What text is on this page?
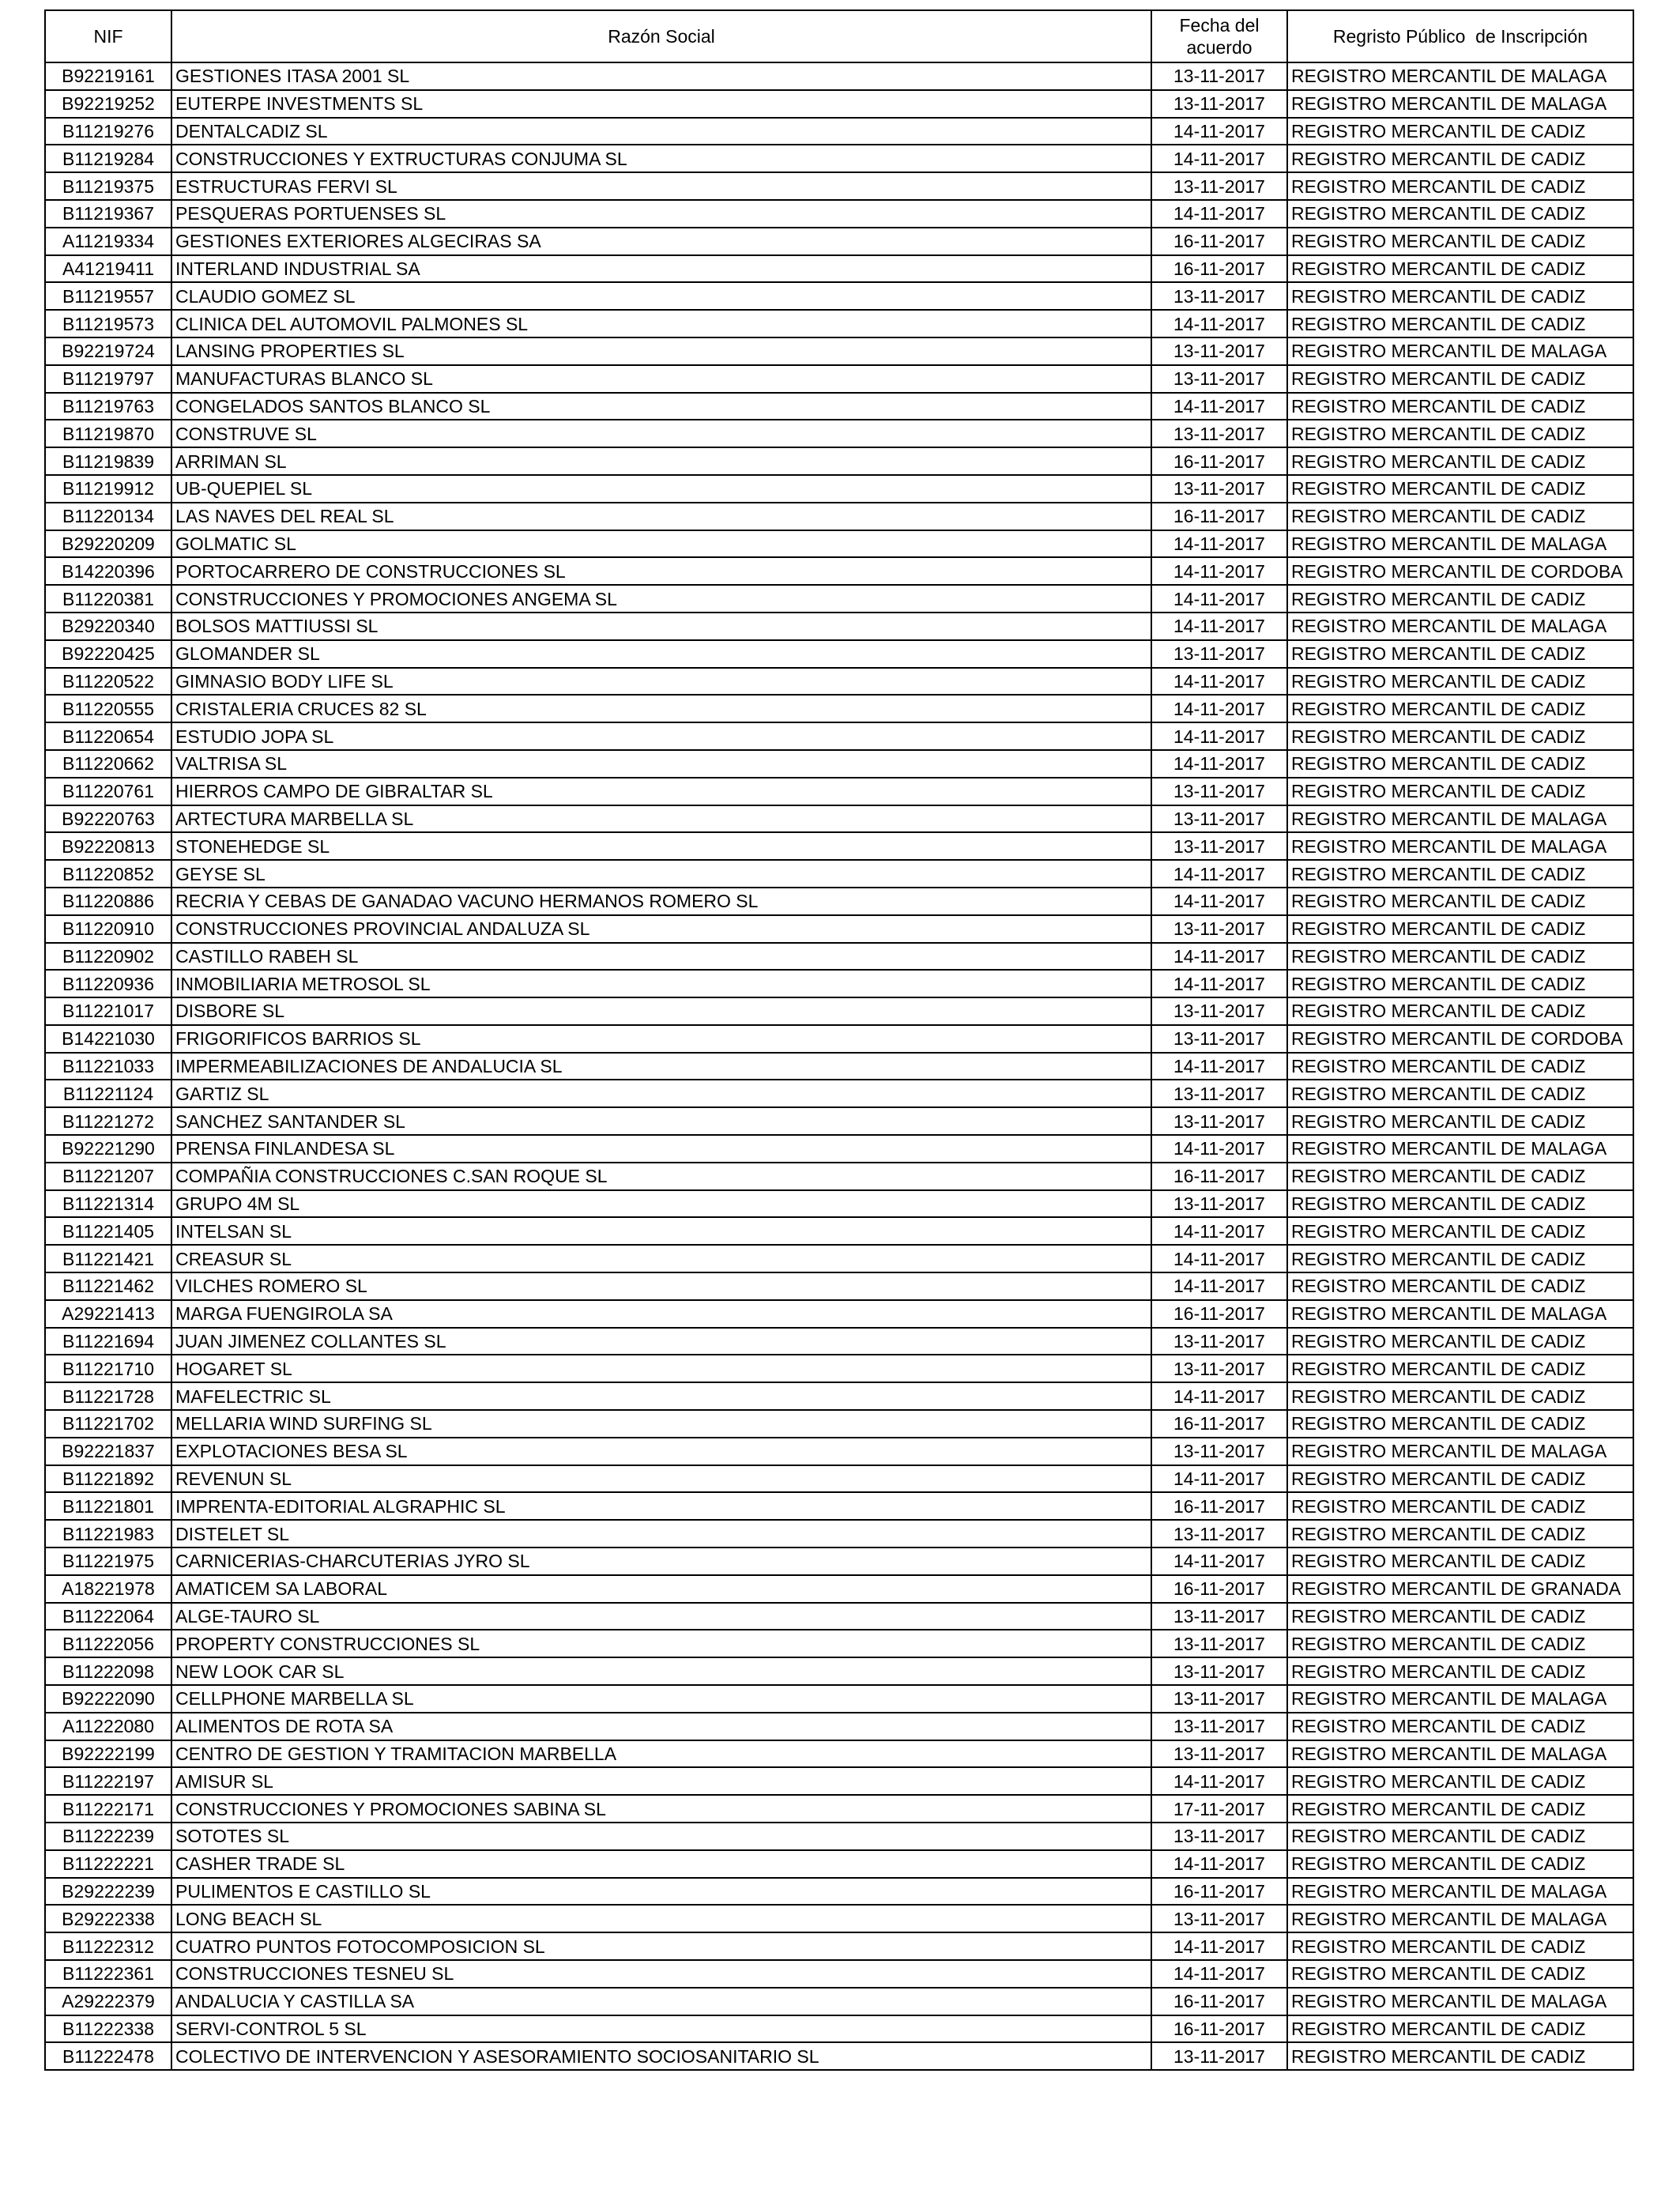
NIF	Razón Social	Fecha del acuerdo	Regristo Público  de Inscripción
B92219161	GESTIONES ITASA 2001 SL	13-11-2017	REGISTRO MERCANTIL DE MALAGA
B92219252	EUTERPE INVESTMENTS SL	13-11-2017	REGISTRO MERCANTIL DE MALAGA
B11219276	DENTALCADIZ SL	14-11-2017	REGISTRO MERCANTIL DE CADIZ
B11219284	CONSTRUCCIONES Y EXTRUCTURAS CONJUMA SL	14-11-2017	REGISTRO MERCANTIL DE CADIZ
B11219375	ESTRUCTURAS FERVI SL	13-11-2017	REGISTRO MERCANTIL DE CADIZ
B11219367	PESQUERAS PORTUENSES SL	14-11-2017	REGISTRO MERCANTIL DE CADIZ
A11219334	GESTIONES EXTERIORES ALGECIRAS SA	16-11-2017	REGISTRO MERCANTIL DE CADIZ
A41219411	INTERLAND INDUSTRIAL SA	16-11-2017	REGISTRO MERCANTIL DE CADIZ
B11219557	CLAUDIO GOMEZ SL	13-11-2017	REGISTRO MERCANTIL DE CADIZ
B11219573	CLINICA DEL AUTOMOVIL PALMONES SL	14-11-2017	REGISTRO MERCANTIL DE CADIZ
B92219724	LANSING PROPERTIES SL	13-11-2017	REGISTRO MERCANTIL DE MALAGA
B11219797	MANUFACTURAS BLANCO SL	13-11-2017	REGISTRO MERCANTIL DE CADIZ
B11219763	CONGELADOS SANTOS BLANCO SL	14-11-2017	REGISTRO MERCANTIL DE CADIZ
B11219870	CONSTRUVE SL	13-11-2017	REGISTRO MERCANTIL DE CADIZ
B11219839	ARRIMAN SL	16-11-2017	REGISTRO MERCANTIL DE CADIZ
B11219912	UB-QUEPIEL SL	13-11-2017	REGISTRO MERCANTIL DE CADIZ
B11220134	LAS NAVES DEL REAL SL	16-11-2017	REGISTRO MERCANTIL DE CADIZ
B29220209	GOLMATIC SL	14-11-2017	REGISTRO MERCANTIL DE MALAGA
B14220396	PORTOCARRERO DE CONSTRUCCIONES SL	14-11-2017	REGISTRO MERCANTIL DE CORDOBA
B11220381	CONSTRUCCIONES Y PROMOCIONES ANGEMA SL	14-11-2017	REGISTRO MERCANTIL DE CADIZ
B29220340	BOLSOS MATTIUSSI SL	14-11-2017	REGISTRO MERCANTIL DE MALAGA
B92220425	GLOMANDER SL	13-11-2017	REGISTRO MERCANTIL DE CADIZ
B11220522	GIMNASIO BODY LIFE SL	14-11-2017	REGISTRO MERCANTIL DE CADIZ
B11220555	CRISTALERIA CRUCES 82 SL	14-11-2017	REGISTRO MERCANTIL DE CADIZ
B11220654	ESTUDIO JOPA SL	14-11-2017	REGISTRO MERCANTIL DE CADIZ
B11220662	VALTRISA SL	14-11-2017	REGISTRO MERCANTIL DE CADIZ
B11220761	HIERROS CAMPO DE GIBRALTAR SL	13-11-2017	REGISTRO MERCANTIL DE CADIZ
B92220763	ARTECTURA MARBELLA SL	13-11-2017	REGISTRO MERCANTIL DE MALAGA
B92220813	STONEHEDGE SL	13-11-2017	REGISTRO MERCANTIL DE MALAGA
B11220852	GEYSE SL	14-11-2017	REGISTRO MERCANTIL DE CADIZ
B11220886	RECRIA Y CEBAS DE GANADAO VACUNO HERMANOS ROMERO SL	14-11-2017	REGISTRO MERCANTIL DE CADIZ
B11220910	CONSTRUCCIONES PROVINCIAL ANDALUZA SL	13-11-2017	REGISTRO MERCANTIL DE CADIZ
B11220902	CASTILLO RABEH SL	14-11-2017	REGISTRO MERCANTIL DE CADIZ
B11220936	INMOBILIARIA METROSOL SL	14-11-2017	REGISTRO MERCANTIL DE CADIZ
B11221017	DISBORE SL	13-11-2017	REGISTRO MERCANTIL DE CADIZ
B14221030	FRIGORIFICOS BARRIOS SL	13-11-2017	REGISTRO MERCANTIL DE CORDOBA
B11221033	IMPERMEABILIZACIONES DE ANDALUCIA SL	14-11-2017	REGISTRO MERCANTIL DE CADIZ
B11221124	GARTIZ SL	13-11-2017	REGISTRO MERCANTIL DE CADIZ
B11221272	SANCHEZ SANTANDER SL	13-11-2017	REGISTRO MERCANTIL DE CADIZ
B92221290	PRENSA FINLANDESA SL	14-11-2017	REGISTRO MERCANTIL DE MALAGA
B11221207	COMPAÑIA CONSTRUCCIONES C.SAN ROQUE SL	16-11-2017	REGISTRO MERCANTIL DE CADIZ
B11221314	GRUPO 4M SL	13-11-2017	REGISTRO MERCANTIL DE CADIZ
B11221405	INTELSAN SL	14-11-2017	REGISTRO MERCANTIL DE CADIZ
B11221421	CREASUR SL	14-11-2017	REGISTRO MERCANTIL DE CADIZ
B11221462	VILCHES ROMERO SL	14-11-2017	REGISTRO MERCANTIL DE CADIZ
A29221413	MARGA FUENGIROLA SA	16-11-2017	REGISTRO MERCANTIL DE MALAGA
B11221694	JUAN JIMENEZ COLLANTES SL	13-11-2017	REGISTRO MERCANTIL DE CADIZ
B11221710	HOGARET SL	13-11-2017	REGISTRO MERCANTIL DE CADIZ
B11221728	MAFELECTRIC SL	14-11-2017	REGISTRO MERCANTIL DE CADIZ
B11221702	MELLARIA WIND SURFING SL	16-11-2017	REGISTRO MERCANTIL DE CADIZ
B92221837	EXPLOTACIONES BESA SL	13-11-2017	REGISTRO MERCANTIL DE MALAGA
B11221892	REVENUN SL	14-11-2017	REGISTRO MERCANTIL DE CADIZ
B11221801	IMPRENTA-EDITORIAL ALGRAPHIC SL	16-11-2017	REGISTRO MERCANTIL DE CADIZ
B11221983	DISTELET SL	13-11-2017	REGISTRO MERCANTIL DE CADIZ
B11221975	CARNICERIAS-CHARCUTERIAS JYRO SL	14-11-2017	REGISTRO MERCANTIL DE CADIZ
A18221978	AMATICEM SA LABORAL	16-11-2017	REGISTRO MERCANTIL DE GRANADA
B11222064	ALGE-TAURO SL	13-11-2017	REGISTRO MERCANTIL DE CADIZ
B11222056	PROPERTY CONSTRUCCIONES SL	13-11-2017	REGISTRO MERCANTIL DE CADIZ
B11222098	NEW LOOK CAR SL	13-11-2017	REGISTRO MERCANTIL DE CADIZ
B92222090	CELLPHONE MARBELLA SL	13-11-2017	REGISTRO MERCANTIL DE MALAGA
A11222080	ALIMENTOS DE ROTA SA	13-11-2017	REGISTRO MERCANTIL DE CADIZ
B92222199	CENTRO DE GESTION Y TRAMITACION MARBELLA	13-11-2017	REGISTRO MERCANTIL DE MALAGA
B11222197	AMISUR SL	14-11-2017	REGISTRO MERCANTIL DE CADIZ
B11222171	CONSTRUCCIONES Y PROMOCIONES SABINA SL	17-11-2017	REGISTRO MERCANTIL DE CADIZ
B11222239	SOTOTES SL	13-11-2017	REGISTRO MERCANTIL DE CADIZ
B11222221	CASHER TRADE SL	14-11-2017	REGISTRO MERCANTIL DE CADIZ
B29222239	PULIMENTOS E CASTILLO SL	16-11-2017	REGISTRO MERCANTIL DE MALAGA
B29222338	LONG BEACH SL	13-11-2017	REGISTRO MERCANTIL DE MALAGA
B11222312	CUATRO PUNTOS FOTOCOMPOSICION SL	14-11-2017	REGISTRO MERCANTIL DE CADIZ
B11222361	CONSTRUCCIONES TESNEU SL	14-11-2017	REGISTRO MERCANTIL DE CADIZ
A29222379	ANDALUCIA Y CASTILLA SA	16-11-2017	REGISTRO MERCANTIL DE MALAGA
B11222338	SERVI-CONTROL 5 SL	16-11-2017	REGISTRO MERCANTIL DE CADIZ
B11222478	COLECTIVO DE INTERVENCION Y ASESORAMIENTO SOCIOSANITARIO SL	13-11-2017	REGISTRO MERCANTIL DE CADIZ
